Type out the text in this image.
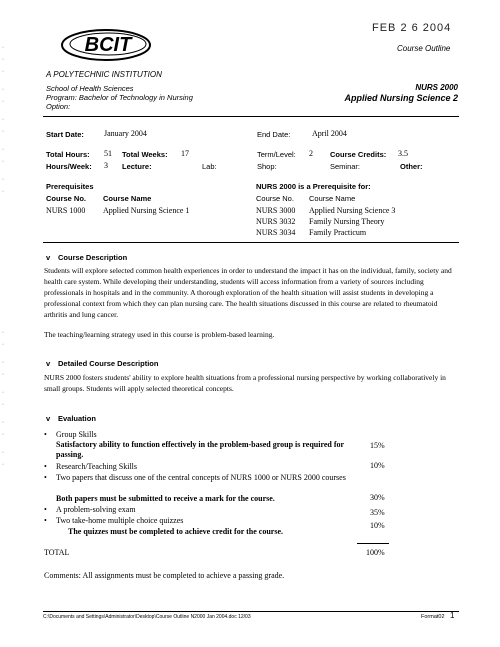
·

·

·

·

·

·

·

·

·

·

·
·

·

·

·

·

·

·

·

·

·
BCIT
FEB 2 6 2004
Course Outline
A POLYTECHNIC INSTITUTION
School of Health Sciences
Program: Bachelor of Technology in Nursing
Option:
NURS 2000
Applied Nursing Science 2
Start Date:	January 2004	End Date:	April 2004
Total Hours: 51 Total Weeks: 17	Term/Level: 2 Course Credits: 3.5
Hours/Week: 3 Lecture:	Lab:	Shop:	Seminar:	Other:
Prerequisites
Course No. Course Name
NURS 1000 Applied Nursing Science 1
NURS 2000 is a Prerequisite for:
Course No. Course Name
NURS 3000 Applied Nursing Science 3
NURS 3032 Family Nursing Theory
NURS 3034 Family Practicum
v Course Description
Students will explore selected common health experiences in order to understand the impact it has on the individual, family, society and health care system. While developing their understanding, students will access information from a variety of sources including professionals in hospitals and in the community. A thorough exploration of the health situation will assist students in developing a professional context from which they can plan nursing care. The health situations discussed in this course are related to rheumatoid arthritis and lung cancer.
The teaching/learning strategy used in this course is problem-based learning.
v Detailed Course Description
NURS 2000 fosters students' ability to explore health situations from a professional nursing perspective by working collaboratively in small groups. Students will apply selected theoretical concepts.
v Evaluation
• Group Skills
Satisfactory ability to function effectively in the problem-based group is required for passing.
15%
• Research/Teaching Skills	10%
• Two papers that discuss one of the central concepts of NURS 1000 or NURS 2000 courses
Both papers must be submitted to receive a mark for the course.	30%
• A problem-solving exam	35%
• Two take-home multiple choice quizzes
The quizzes must be completed to achieve credit for the course.
10%
TOTAL	100%
Comments: All assignments must be completed to achieve a passing grade.
C:\Documents and Settings\Administrator\Desktop\Course Outline N2000 Jan 2004.doc 12/03	Format02 1
